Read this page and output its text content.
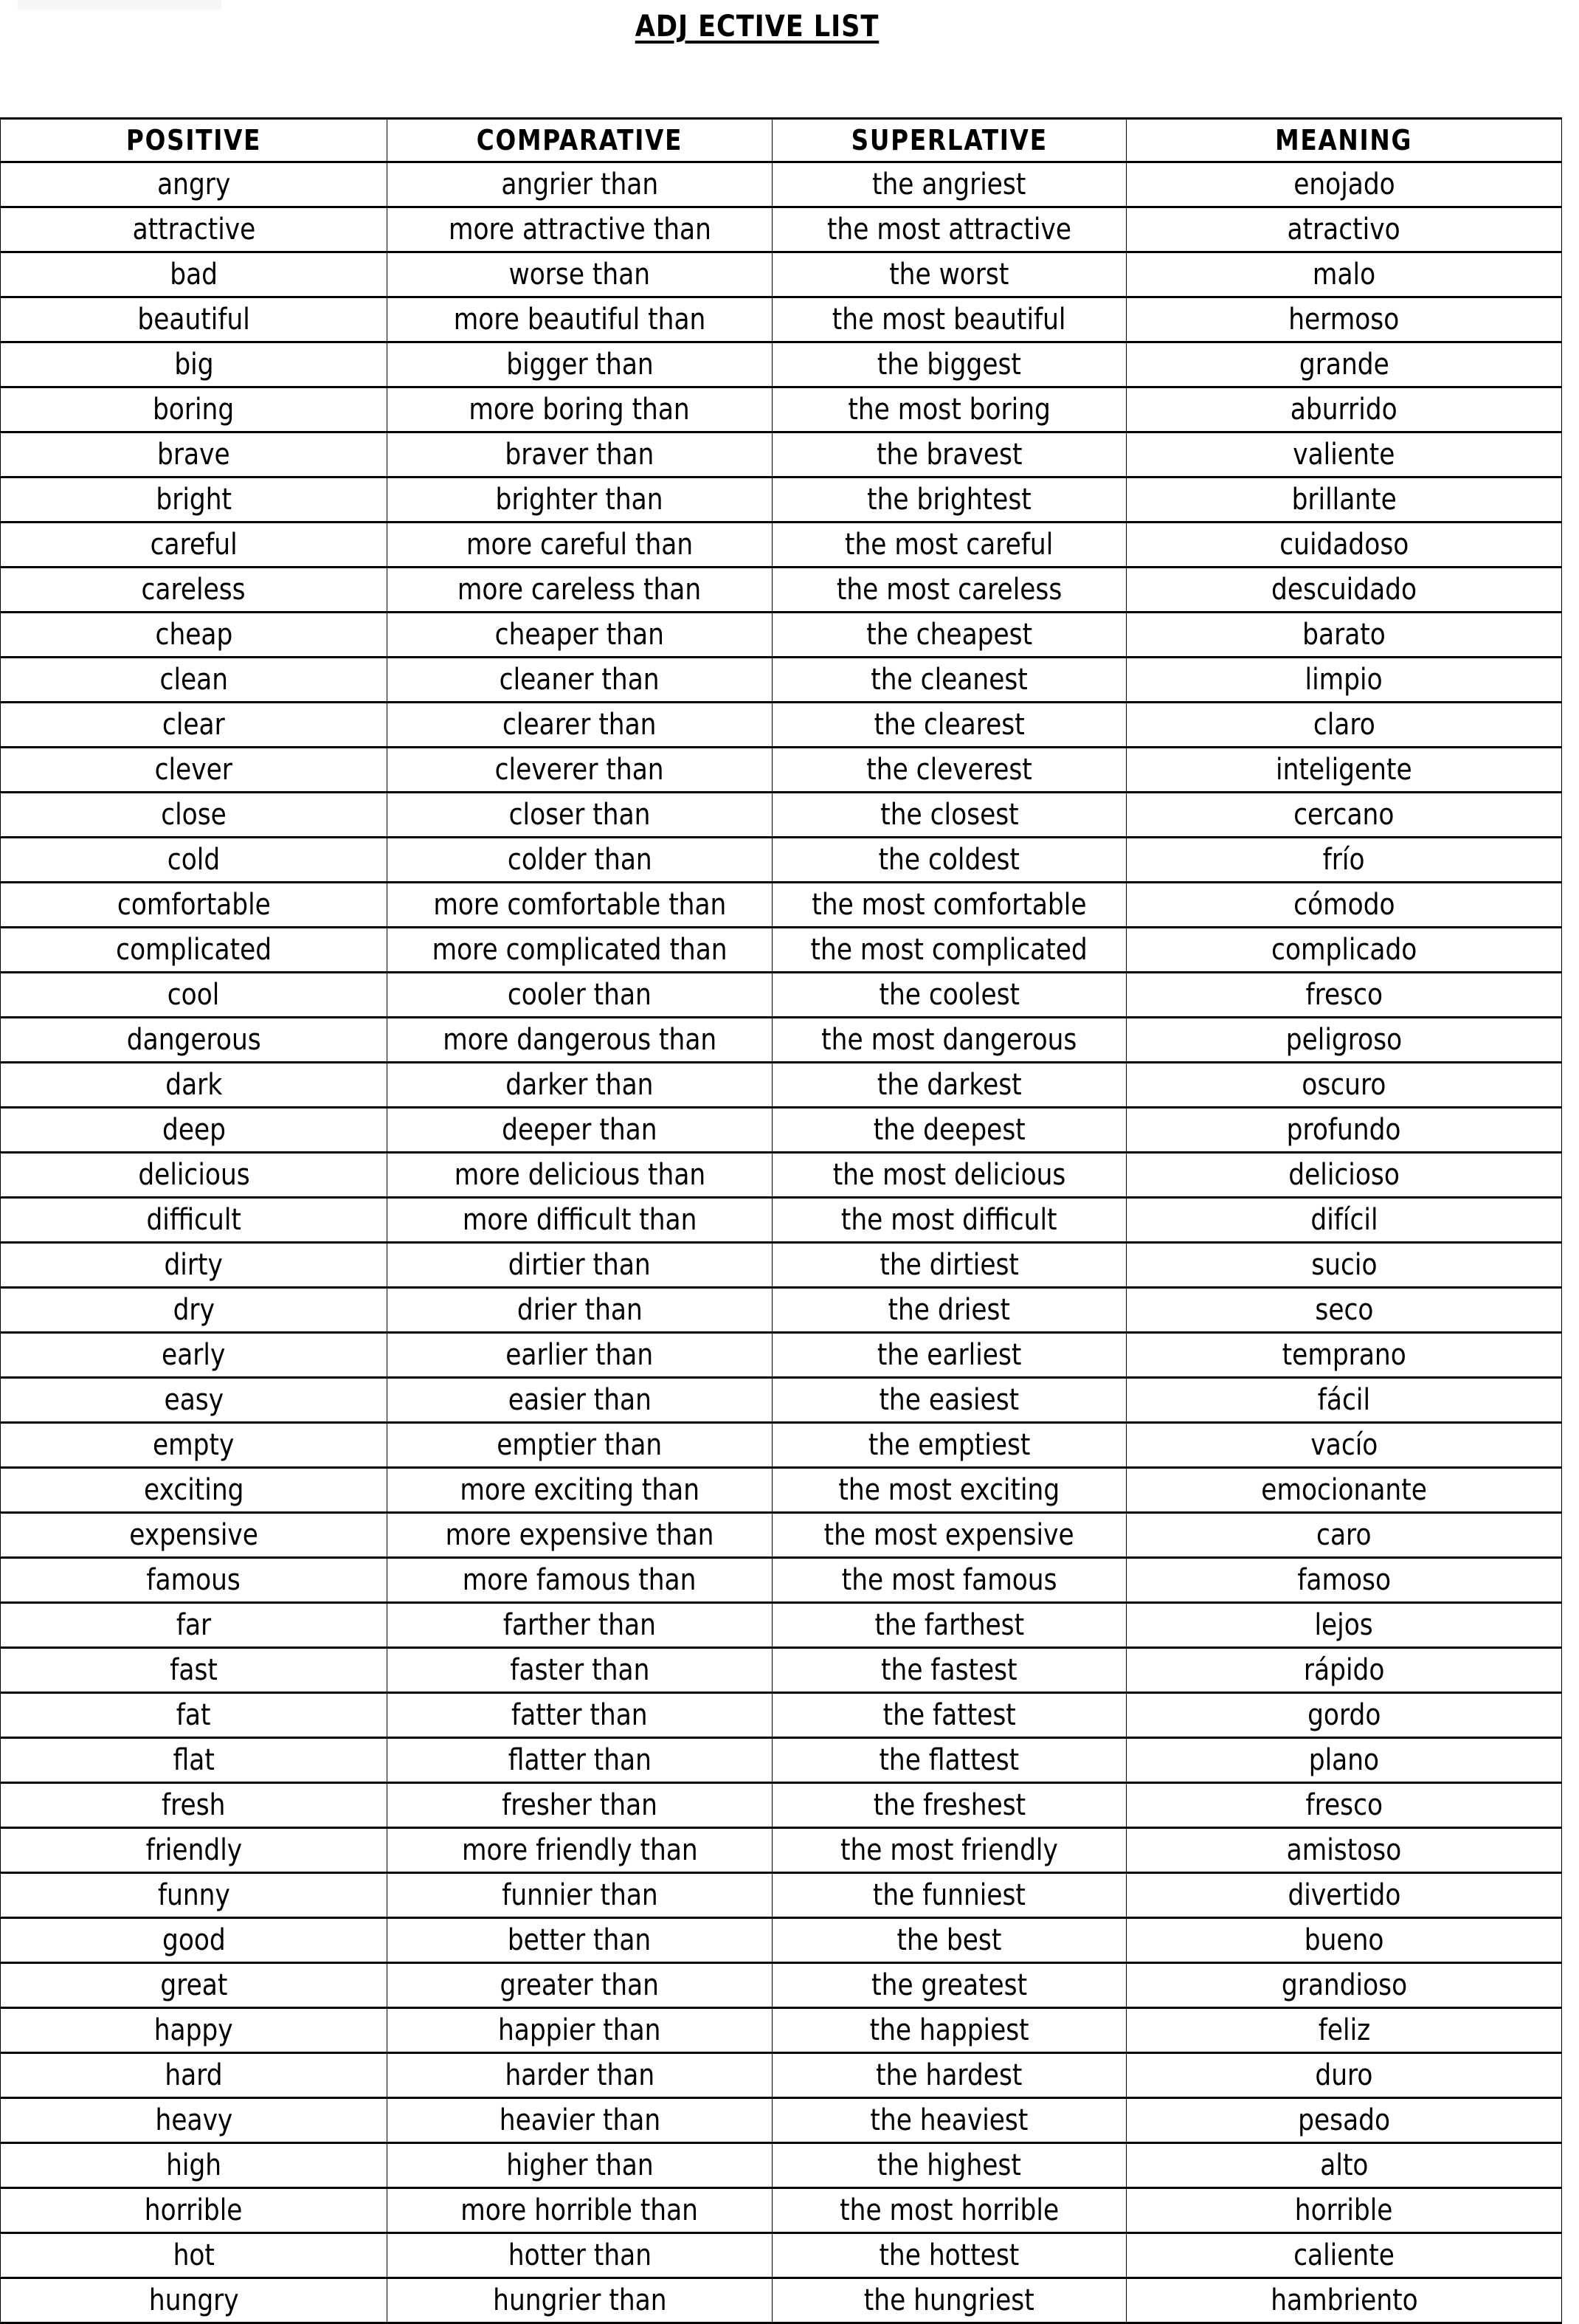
ADJ ECTIVE LIST
POSITIVE	COMPARATIVE	SUPERLATIVE	MEANING
angry	angrier than	the angriest	enojado
attractive	more attractive than	the most attractive	atractivo
bad	worse than	the worst	malo
beautiful	more beautiful than	the most beautiful	hermoso
big	bigger than	the biggest	grande
boring	more boring than	the most boring	aburrido
brave	braver than	the bravest	valiente
bright	brighter than	the brightest	brillante
careful	more careful than	the most careful	cuidadoso
careless	more careless than	the most careless	descuidado
cheap	cheaper than	the cheapest	barato
clean	cleaner than	the cleanest	limpio
clear	clearer than	the clearest	claro
clever	cleverer than	the cleverest	inteligente
close	closer than	the closest	cercano
cold	colder than	the coldest	frío
comfortable	more comfortable than	the most comfortable	cómodo
complicated	more complicated than	the most complicated	complicado
cool	cooler than	the coolest	fresco
dangerous	more dangerous than	the most dangerous	peligroso
dark	darker than	the darkest	oscuro
deep	deeper than	the deepest	profundo
delicious	more delicious than	the most delicious	delicioso
difficult	more difficult than	the most difficult	difícil
dirty	dirtier than	the dirtiest	sucio
dry	drier than	the driest	seco
early	earlier than	the earliest	temprano
easy	easier than	the easiest	fácil
empty	emptier than	the emptiest	vacío
exciting	more exciting than	the most exciting	emocionante
expensive	more expensive than	the most expensive	caro
famous	more famous than	the most famous	famoso
far	farther than	the farthest	lejos
fast	faster than	the fastest	rápido
fat	fatter than	the fattest	gordo
flat	flatter than	the flattest	plano
fresh	fresher than	the freshest	fresco
friendly	more friendly than	the most friendly	amistoso
funny	funnier than	the funniest	divertido
good	better than	the best	bueno
great	greater than	the greatest	grandioso
happy	happier than	the happiest	feliz
hard	harder than	the hardest	duro
heavy	heavier than	the heaviest	pesado
high	higher than	the highest	alto
horrible	more horrible than	the most horrible	horrible
hot	hotter than	the hottest	caliente
hungry	hungrier than	the hungriest	hambriento
